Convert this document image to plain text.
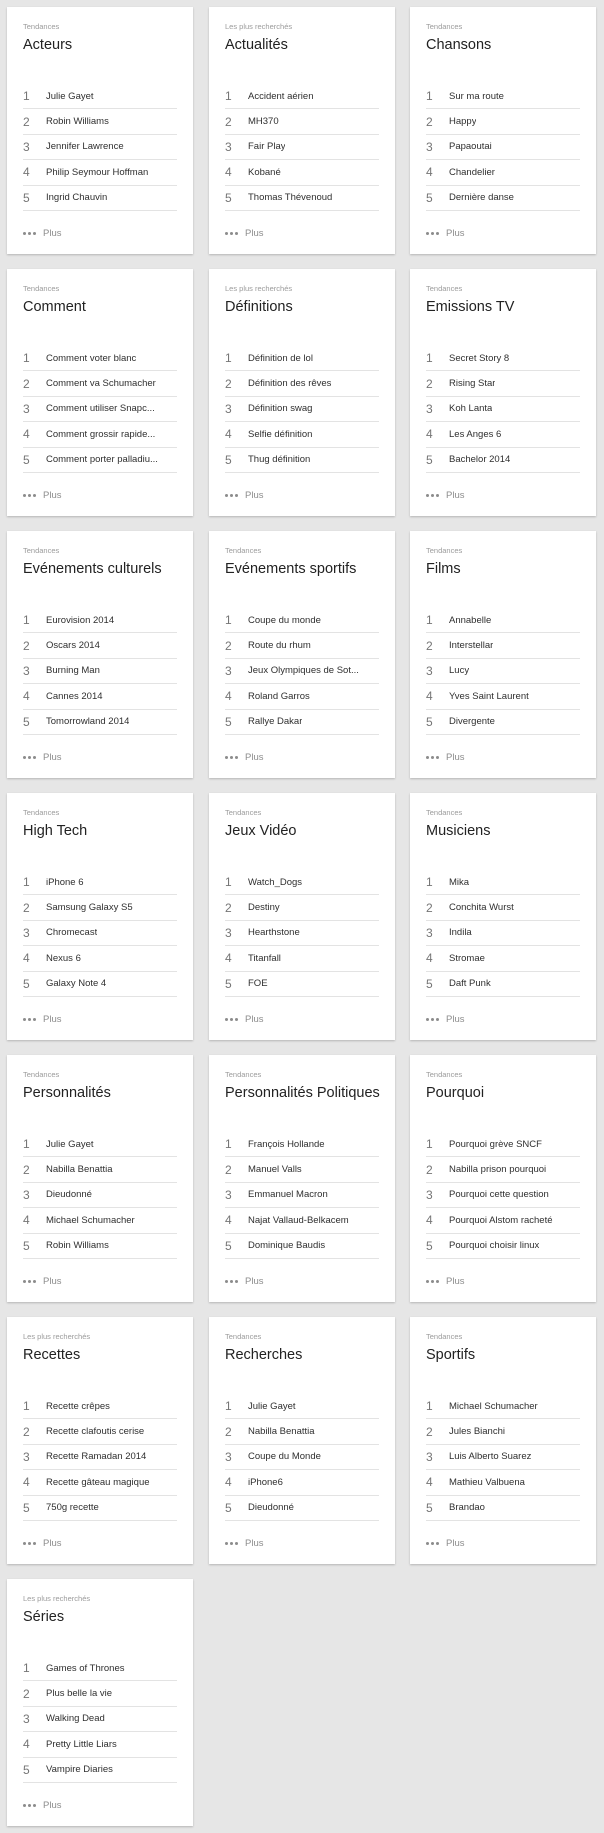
Tendances
Acteurs
1	Julie Gayet
2	Robin Williams
3	Jennifer Lawrence
4	Philip Seymour Hoffman
5	Ingrid Chauvin
Plus
Les plus recherchés
Actualités
1	Accident aérien
2	MH370
3	Fair Play
4	Kobané
5	Thomas Thévenoud
Plus
Tendances
Chansons
1	Sur ma route
2	Happy
3	Papaoutai
4	Chandelier
5	Dernière danse
Plus
Tendances
Comment
1	Comment voter blanc
2	Comment va Schumacher
3	Comment utiliser Snapc...
4	Comment grossir rapide...
5	Comment porter palladiu...
Plus
Les plus recherchés
Définitions
1	Définition de lol
2	Définition des rêves
3	Définition swag
4	Selfie définition
5	Thug définition
Plus
Tendances
Emissions TV
1	Secret Story 8
2	Rising Star
3	Koh Lanta
4	Les Anges 6
5	Bachelor 2014
Plus
Tendances
Evénements culturels
1	Eurovision 2014
2	Oscars 2014
3	Burning Man
4	Cannes 2014
5	Tomorrowland 2014
Plus
Tendances
Evénements sportifs
1	Coupe du monde
2	Route du rhum
3	Jeux Olympiques de Sot...
4	Roland Garros
5	Rallye Dakar
Plus
Tendances
Films
1	Annabelle
2	Interstellar
3	Lucy
4	Yves Saint Laurent
5	Divergente
Plus
Tendances
High Tech
1	iPhone 6
2	Samsung Galaxy S5
3	Chromecast
4	Nexus 6
5	Galaxy Note 4
Plus
Tendances
Jeux Vidéo
1	Watch_Dogs
2	Destiny
3	Hearthstone
4	Titanfall
5	FOE
Plus
Tendances
Musiciens
1	Mika
2	Conchita Wurst
3	Indila
4	Stromae
5	Daft Punk
Plus
Tendances
Personnalités
1	Julie Gayet
2	Nabilla Benattia
3	Dieudonné
4	Michael Schumacher
5	Robin Williams
Plus
Tendances
Personnalités Politiques
1	François Hollande
2	Manuel Valls
3	Emmanuel Macron
4	Najat Vallaud-Belkacem
5	Dominique Baudis
Plus
Tendances
Pourquoi
1	Pourquoi grève SNCF
2	Nabilla prison pourquoi
3	Pourquoi cette question
4	Pourquoi Alstom racheté
5	Pourquoi choisir linux
Plus
Les plus recherchés
Recettes
1	Recette crêpes
2	Recette clafoutis cerise
3	Recette Ramadan 2014
4	Recette gâteau magique
5	750g recette
Plus
Tendances
Recherches
1	Julie Gayet
2	Nabilla Benattia
3	Coupe du Monde
4	iPhone6
5	Dieudonné
Plus
Tendances
Sportifs
1	Michael Schumacher
2	Jules Bianchi
3	Luis Alberto Suarez
4	Mathieu Valbuena
5	Brandao
Plus
Les plus recherchés
Séries
1	Games of Thrones
2	Plus belle la vie
3	Walking Dead
4	Pretty Little Liars
5	Vampire Diaries
Plus
